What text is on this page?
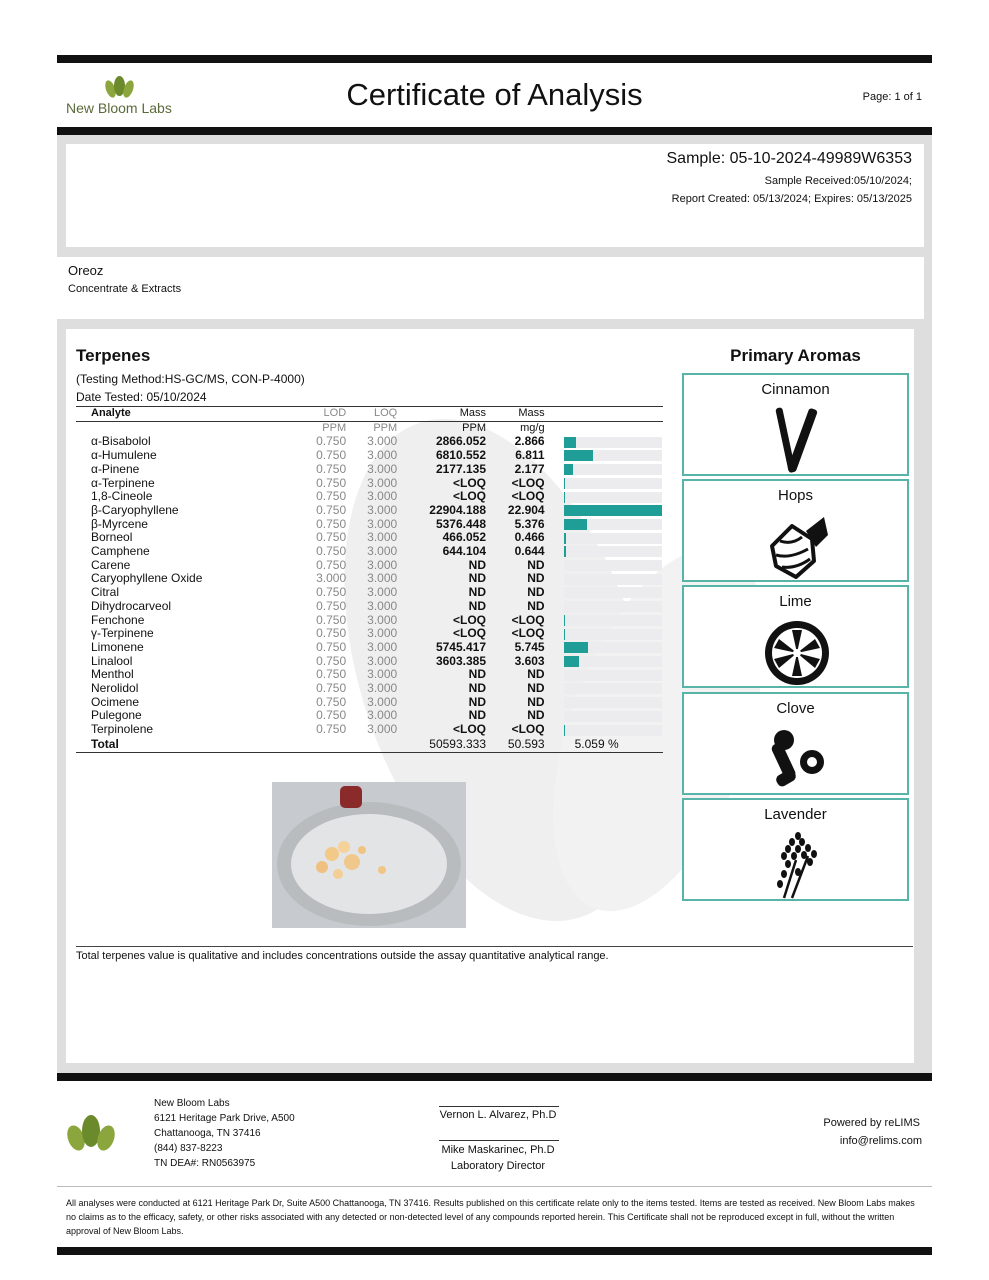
New Bloom Labs	Certificate of Analysis	Page: 1 of 1
Sample: 05-10-2024-49989W6353
Sample Received:05/10/2024;
Report Created: 05/13/2024; Expires: 05/13/2025
Oreoz
Concentrate & Extracts
Terpenes
(Testing Method:HS-GC/MS, CON-P-4000)
Date Tested: 05/10/2024
Analyte	LOD	LOQ	Mass	Mass	
	PPM	PPM	PPM	mg/g	
α-Bisabolol	0.750	3.000	2866.052	2.866	

α-Humulene	0.750	3.000	6810.552	6.811	

α-Pinene	0.750	3.000	2177.135	2.177	

α-Terpinene	0.750	3.000	<LOQ	<LOQ	

1,8-Cineole	0.750	3.000	<LOQ	<LOQ	

β-Caryophyllene	0.750	3.000	22904.188	22.904	

β-Myrcene	0.750	3.000	5376.448	5.376	

Borneol	0.750	3.000	466.052	0.466	

Camphene	0.750	3.000	644.104	0.644	

Carene	0.750	3.000	ND	ND	

Caryophyllene Oxide	3.000	3.000	ND	ND	

Citral	0.750	3.000	ND	ND	

Dihydrocarveol	0.750	3.000	ND	ND	

Fenchone	0.750	3.000	<LOQ	<LOQ	

γ-Terpinene	0.750	3.000	<LOQ	<LOQ	

Limonene	0.750	3.000	5745.417	5.745	

Linalool	0.750	3.000	3603.385	3.603	

Menthol	0.750	3.000	ND	ND	

Nerolidol	0.750	3.000	ND	ND	

Ocimene	0.750	3.000	ND	ND	

Pulegone	0.750	3.000	ND	ND	

Terpinolene	0.750	3.000	<LOQ	<LOQ	

Total			50593.333	50.593	5.059 %
Total terpenes value is qualitative and includes concentrations outside the assay quantitative analytical range.
Primary Aromas
Cinnamon
Hops
Lime
Clove
Lavender
New Bloom Labs
6121 Heritage Park Drive, A500
Chattanooga, TN 37416
(844) 837-8223
TN DEA#: RN0563975
Vernon L. Alvarez, Ph.D
Mike Maskarinec, Ph.D
Laboratory Director
Powered by reLIMS
info@relims.com
All analyses were conducted at 6121 Heritage Park Dr, Suite A500 Chattanooga, TN 37416. Results published on this certificate relate only to the items tested. Items are tested as received. New Bloom Labs makes no claims as to the efficacy, safety, or other risks associated with any detected or non-detected level of any compounds reported herein. This Certificate shall not be reproduced except in full, without the written approval of New Bloom Labs.
